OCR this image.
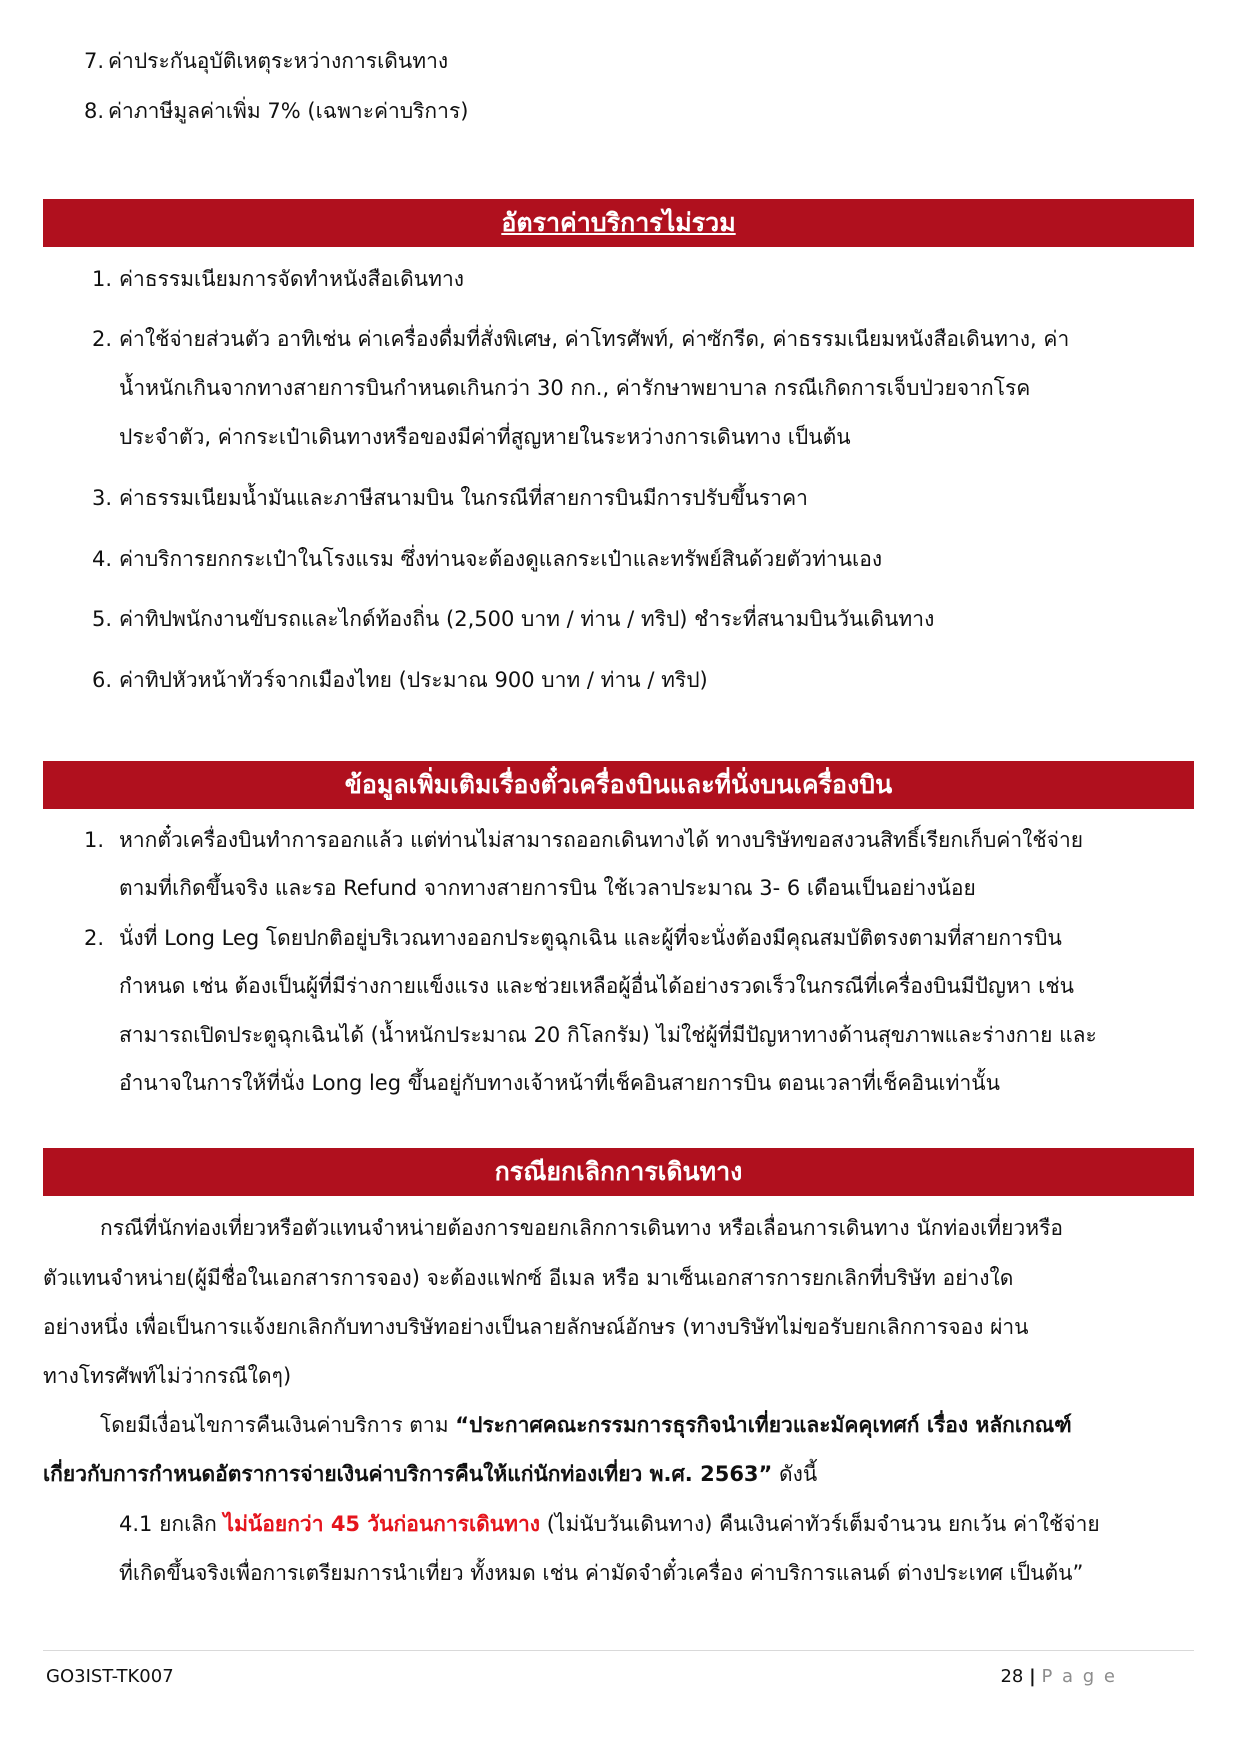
7. ค่าประกันอุบัติเหตุระหว่างการเดินทาง
8. ค่าภาษีมูลค่าเพิ่ม 7% (เฉพาะค่าบริการ)
อัตราค่าบริการไม่รวม
1. ค่าธรรมเนียมการจัดทำหนังสือเดินทาง
2. ค่าใช้จ่ายส่วนตัว อาทิเช่น ค่าเครื่องดื่มที่สั่งพิเศษ, ค่าโทรศัพท์, ค่าซักรีด, ค่าธรรมเนียมหนังสือเดินทาง, ค่า
น้ำหนักเกินจากทางสายการบินกำหนดเกินกว่า 30 กก., ค่ารักษาพยาบาล กรณีเกิดการเจ็บป่วยจากโรค
ประจำตัว, ค่ากระเป๋าเดินทางหรือของมีค่าที่สูญหายในระหว่างการเดินทาง เป็นต้น
3. ค่าธรรมเนียมน้ำมันและภาษีสนามบิน ในกรณีที่สายการบินมีการปรับขึ้นราคา
4. ค่าบริการยกกระเป๋าในโรงแรม ซึ่งท่านจะต้องดูแลกระเป๋าและทรัพย์สินด้วยตัวท่านเอง
5. ค่าทิปพนักงานขับรถและไกด์ท้องถิ่น (2,500 บาท / ท่าน / ทริป) ชำระที่สนามบินวันเดินทาง
6. ค่าทิปหัวหน้าทัวร์จากเมืองไทย (ประมาณ 900 บาท / ท่าน / ทริป)
ข้อมูลเพิ่มเติมเรื่องตั๋วเครื่องบินและที่นั่งบนเครื่องบิน
1. หากตั๋วเครื่องบินทำการออกแล้ว แต่ท่านไม่สามารถออกเดินทางได้ ทางบริษัทขอสงวนสิทธิ์เรียกเก็บค่าใช้จ่าย
ตามที่เกิดขึ้นจริง และรอ Refund จากทางสายการบิน ใช้เวลาประมาณ 3- 6 เดือนเป็นอย่างน้อย
2. นั่งที่ Long Leg โดยปกติอยู่บริเวณทางออกประตูฉุกเฉิน และผู้ที่จะนั่งต้องมีคุณสมบัติตรงตามที่สายการบิน
กำหนด เช่น ต้องเป็นผู้ที่มีร่างกายแข็งแรง และช่วยเหลือผู้อื่นได้อย่างรวดเร็วในกรณีที่เครื่องบินมีปัญหา เช่น
สามารถเปิดประตูฉุกเฉินได้ (น้ำหนักประมาณ 20 กิโลกรัม) ไม่ใช่ผู้ที่มีปัญหาทางด้านสุขภาพและร่างกาย และ
อำนาจในการให้ที่นั่ง Long leg ขึ้นอยู่กับทางเจ้าหน้าที่เช็คอินสายการบิน ตอนเวลาที่เช็คอินเท่านั้น
กรณียกเลิกการเดินทาง
กรณีที่นักท่องเที่ยวหรือตัวแทนจำหน่ายต้องการขอยกเลิกการเดินทาง หรือเลื่อนการเดินทาง นักท่องเที่ยวหรือ
ตัวแทนจำหน่าย(ผู้มีชื่อในเอกสารการจอง) จะต้องแฟกซ์ อีเมล หรือ มาเซ็นเอกสารการยกเลิกที่บริษัท อย่างใด
อย่างหนึ่ง เพื่อเป็นการแจ้งยกเลิกกับทางบริษัทอย่างเป็นลายลักษณ์อักษร (ทางบริษัทไม่ขอรับยกเลิกการจอง ผ่าน
ทางโทรศัพท์ไม่ว่ากรณีใดๆ)
โดยมีเงื่อนไขการคืนเงินค่าบริการ ตาม “ประกาศคณะกรรมการธุรกิจนำเที่ยวและมัคคุเทศก์ เรื่อง หลักเกณฑ์
เกี่ยวกับการกำหนดอัตราการจ่ายเงินค่าบริการคืนให้แก่นักท่องเที่ยว พ.ศ. 2563” ดังนี้
4.1 ยกเลิก ไม่น้อยกว่า 45 วันก่อนการเดินทาง (ไม่นับวันเดินทาง) คืนเงินค่าทัวร์เต็มจำนวน ยกเว้น ค่าใช้จ่าย
ที่เกิดขึ้นจริงเพื่อการเตรียมการนำเที่ยว ทั้งหมด เช่น ค่ามัดจำตั๋วเครื่อง ค่าบริการแลนด์ ต่างประเทศ เป็นต้น”
GO3IST-TK007	28 | P a g e
